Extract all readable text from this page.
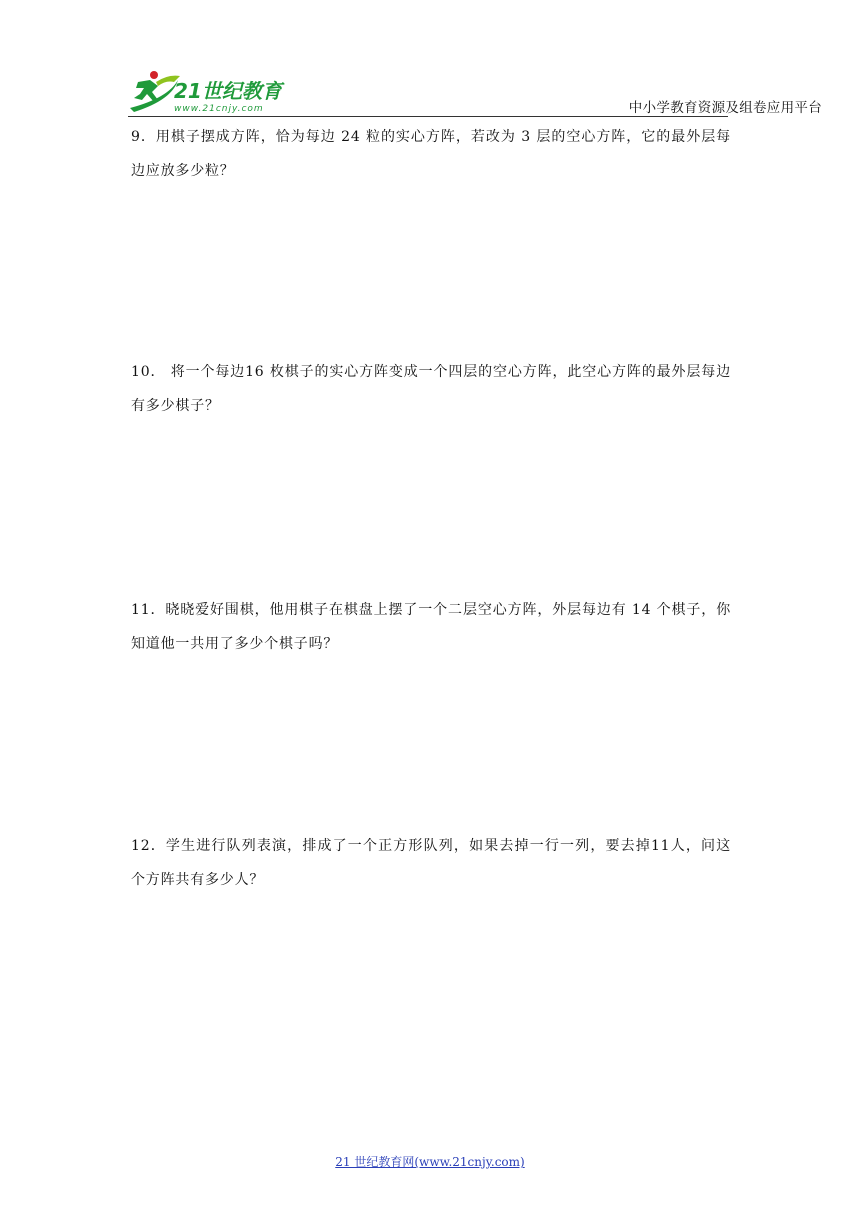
21世纪教育
www.21cnjy.com	中小学教育资源及组卷应用平台
9．用棋子摆成方阵，恰为每边 24 粒的实心方阵，若改为 3 层的空心方阵，它的最外层每边应放多少粒？
10． 将一个每边16 枚棋子的实心方阵变成一个四层的空心方阵，此空心方阵的最外层每边有多少棋子？
11．晓晓爱好围棋，他用棋子在棋盘上摆了一个二层空心方阵，外层每边有 14 个棋子，你知道他一共用了多少个棋子吗？
12．学生进行队列表演，排成了一个正方形队列，如果去掉一行一列，要去掉11人，问这个方阵共有多少人？
21 世纪教育网(www.21cnjy.com)
